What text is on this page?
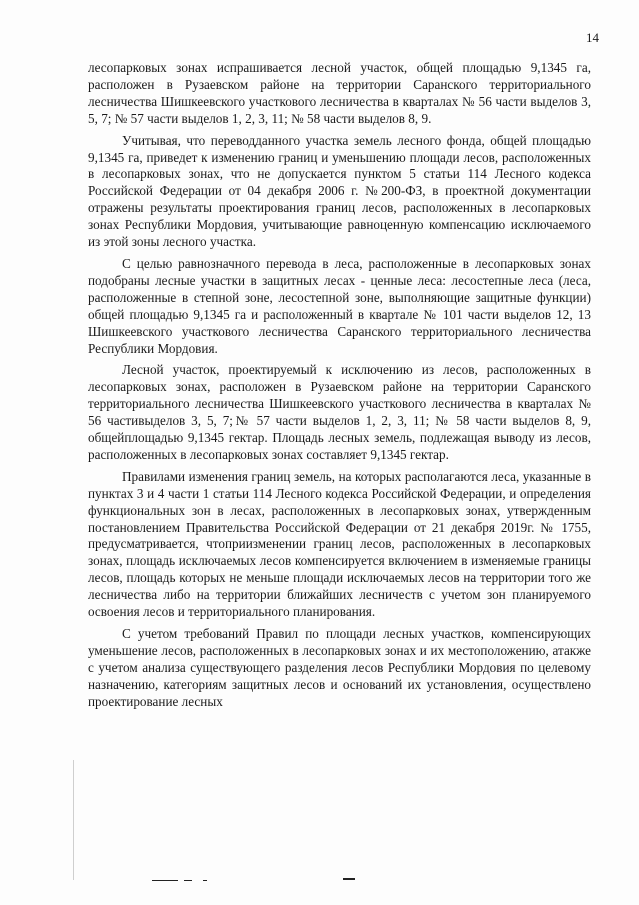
14

лесопарковых зонах испрашивается лесной участок, общей площадью 9,1345 га, расположен в Рузаевском районе на территории Саранского территориального лесничества Шишкеевского участкового лесничества в кварталах № 56 части выделов 3, 5, 7; № 57 части выделов 1, 2, 3, 11; № 58 части выделов 8, 9.

Учитывая, что переводданного участка земель лесного фонда, общей площадью 9,1345 га, приведет к изменению границ и уменьшению площади лесов, расположенных в лесопарковых зонах, что не допускается пунктом 5 статьи 114 Лесного кодекса Российской Федерации от 04 декабря 2006 г. №200-ФЗ, в проектной документации отражены результаты проектирования границ лесов, расположенных в лесопарковых зонах Республики Мордовия, учитывающие равноценную компенсацию исключаемого из этой зоны лесного участка.

С целью равнозначного перевода в леса, расположенные в лесопарковых зонах подобраны лесные участки в защитных лесах - ценные леса: лесостепные леса (леса, расположенные в степной зоне, лесостепной зоне, выполняющие защитные функции) общей площадью 9,1345 га и расположенный в квартале № 101 части выделов 12, 13 Шишкеевского участкового лесничества Саранского территориального лесничества Республики Мордовия.

Лесной участок, проектируемый к исключению из лесов, расположенных в лесопарковых зонах, расположен в Рузаевском районе на территории Саранского территориального лесничества Шишкеевского участкового лесничества в кварталах № 56 частивыделов 3, 5, 7;№ 57 части выделов 1, 2, 3, 11; № 58 части выделов 8, 9, общейплощадью 9,1345 гектар. Площадь лесных земель, подлежащая выводу из лесов, расположенных в лесопарковых зонах составляет 9,1345 гектар.

Правилами изменения границ земель, на которых располагаются леса, указанные в пунктах 3 и 4 части 1 статьи 114 Лесного кодекса Российской Федерации, и определения функциональных зон в лесах, расположенных в лесопарковых зонах, утвержденным постановлением Правительства Российской Федерации от 21 декабря 2019г. № 1755, предусматривается, чтоприизменении границ лесов, расположенных в лесопарковых зонах, площадь исключаемых лесов компенсируется включением в изменяемые границы лесов, площадь которых не меньше площади исключаемых лесов на территории того же лесничества либо на территории ближайших лесничеств с учетом зон планируемого освоения лесов и территориального планирования.

С учетом требований Правил по площади лесных участков, компенсирующих уменьшение лесов, расположенных в лесопарковых зонах и их местоположению, атакже с учетом анализа существующего разделения лесов Республики Мордовия по целевому назначению, категориям защитных лесов и оснований их установления, осуществлено проектирование лесных
